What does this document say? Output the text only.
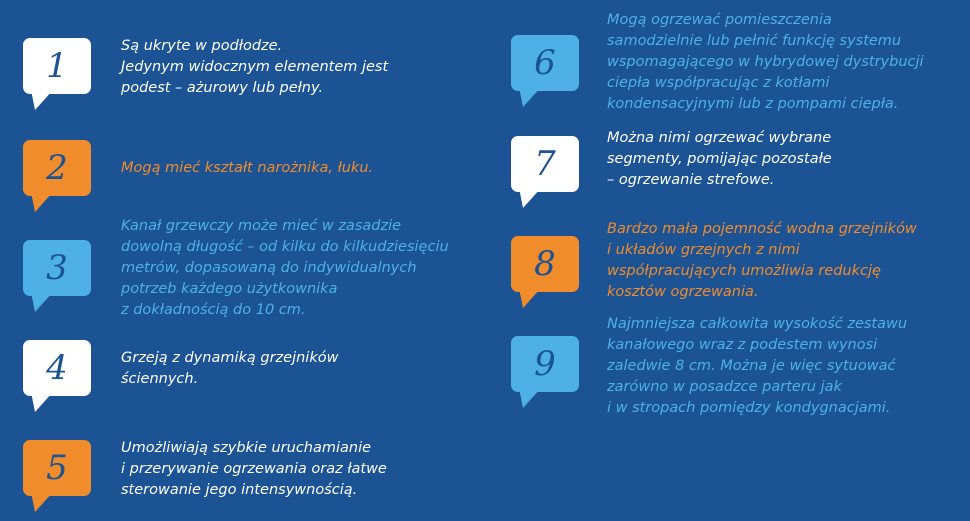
1	Są ukryte w podłodze.
Jedynym widocznym elementem jest
podest – ażurowy lub pełny.
2	Mogą mieć kształt narożnika, łuku.
3
Kanał grzewczy może mieć w zasadzie
dowolną długość – od kilku do kilkudziesięciu
metrów, dopasowaną do indywidualnych
potrzeb każdego użytkownika
z dokładnością do 10 cm.
4	Grzeją z dynamiką grzejników
ściennych.
5	Umożliwiają szybkie uruchamianie
i przerywanie ogrzewania oraz łatwe
sterowanie jego intensywnością.
6
Mogą ogrzewać pomieszczenia
samodzielnie lub pełnić funkcję systemu
wspomagającego w hybrydowej dystrybucji
ciepła współpracując z kotłami
kondensacyjnymi lub z pompami ciepła.
7
Można nimi ogrzewać wybrane
segmenty, pomijając pozostałe
– ogrzewanie strefowe.
8
Bardzo mała pojemność wodna grzejników
i układów grzejnych z nimi
współpracujących umożliwia redukcję
kosztów ogrzewania.
9
Najmniejsza całkowita wysokość zestawu
kanałowego wraz z podestem wynosi
zaledwie 8 cm. Można je więc sytuować
zarówno w posadzce parteru jak
i w stropach pomiędzy kondygnacjami.
